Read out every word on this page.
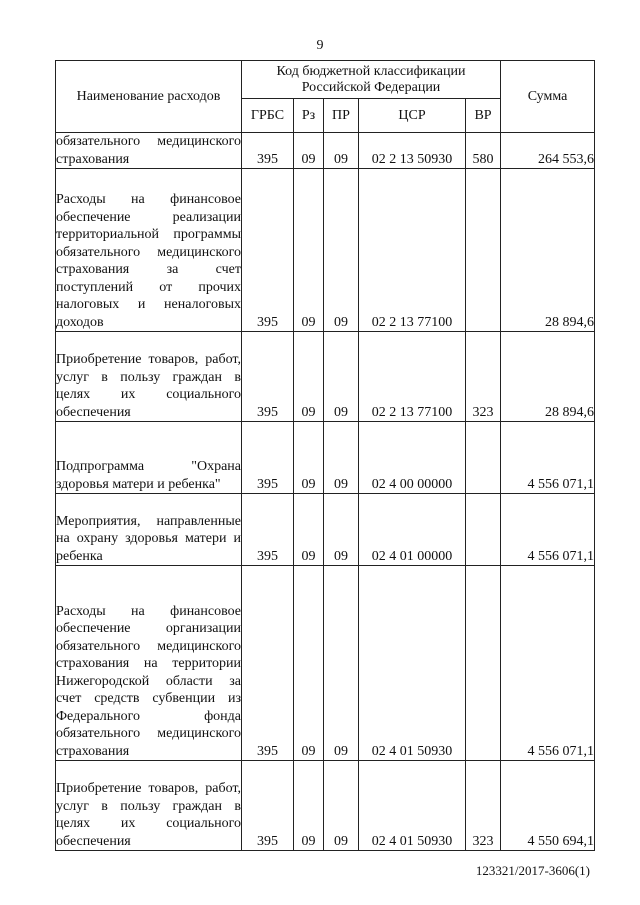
9
Наименование расходов	Код бюджетной классификации Российской Федерации					Сумма
	ГРБС	Рз	ПР	ЦСР	ВР	
обязательного медицинского страхования	395	09	09	02 2 13 50930	580	264 553,6
Расходы на финансовое обеспечение реализации территориальной программы обязательного медицинского страхования за счет поступлений от прочих налоговых и неналоговых доходов	395	09	09	02 2 13 77100		28 894,6
Приобретение товаров, работ, услуг в пользу граждан в целях их социального обеспечения	395	09	09	02 2 13 77100	323	28 894,6
Подпрограмма "Охрана здоровья матери и ребенка"	395	09	09	02 4 00 00000		4 556 071,1
Мероприятия, направленные на охрану здоровья матери и ребенка	395	09	09	02 4 01 00000		4 556 071,1
Расходы на финансовое обеспечение организации обязательного медицинского страхования на территории Нижегородской области за счет средств субвенции из Федерального фонда обязательного медицинского страхования	395	09	09	02 4 01 50930		4 556 071,1
Приобретение товаров, работ, услуг в пользу граждан в целях их социального обеспечения	395	09	09	02 4 01 50930	323	4 550 694,1
123321/2017-3606(1)
